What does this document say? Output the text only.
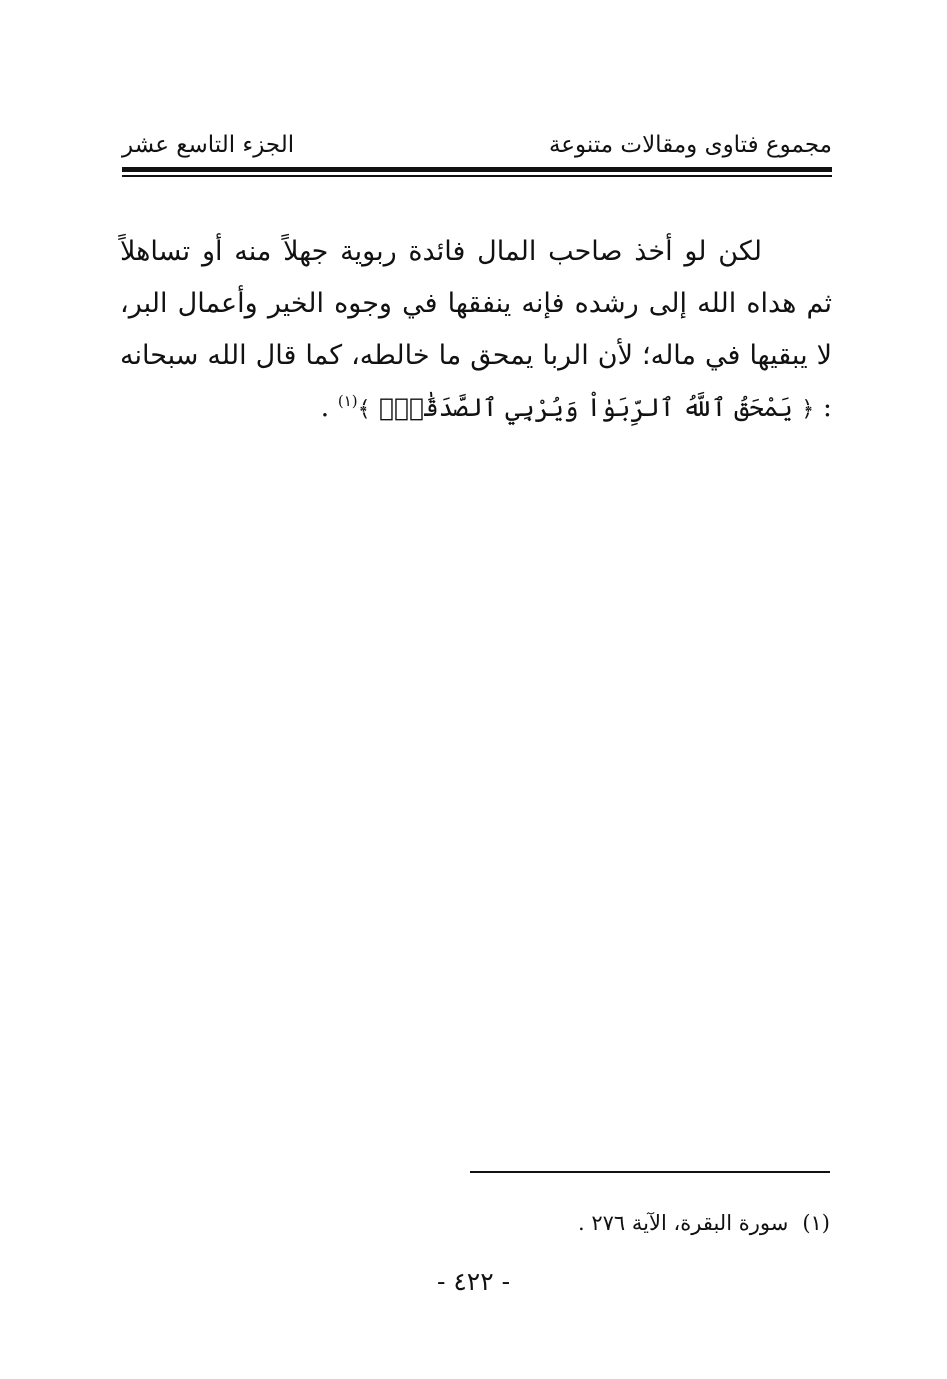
مجموع فتاوى ومقالات متنوعة
الجزء التاسع عشر

لكن لو أخذ صاحب المال فائدة ربوية جهلاً منه أو تساهلاً ثم هداه الله إلى رشده فإنه ينفقها في وجوه الخير وأعمال البر، لا يبقيها في ماله؛ لأن الربا يمحق ما خالطه، كما قال الله سبحانه : ﴿ يَمْحَقُ ٱللَّهُ ٱلرِّبَوٰاْ وَيُرْبِي ٱلصَّدَقَٰتِۗ ﴾$^{(١)}$ .

(١)سورة البقرة، الآية ٢٧٦ .
- ٤٢٢ -
